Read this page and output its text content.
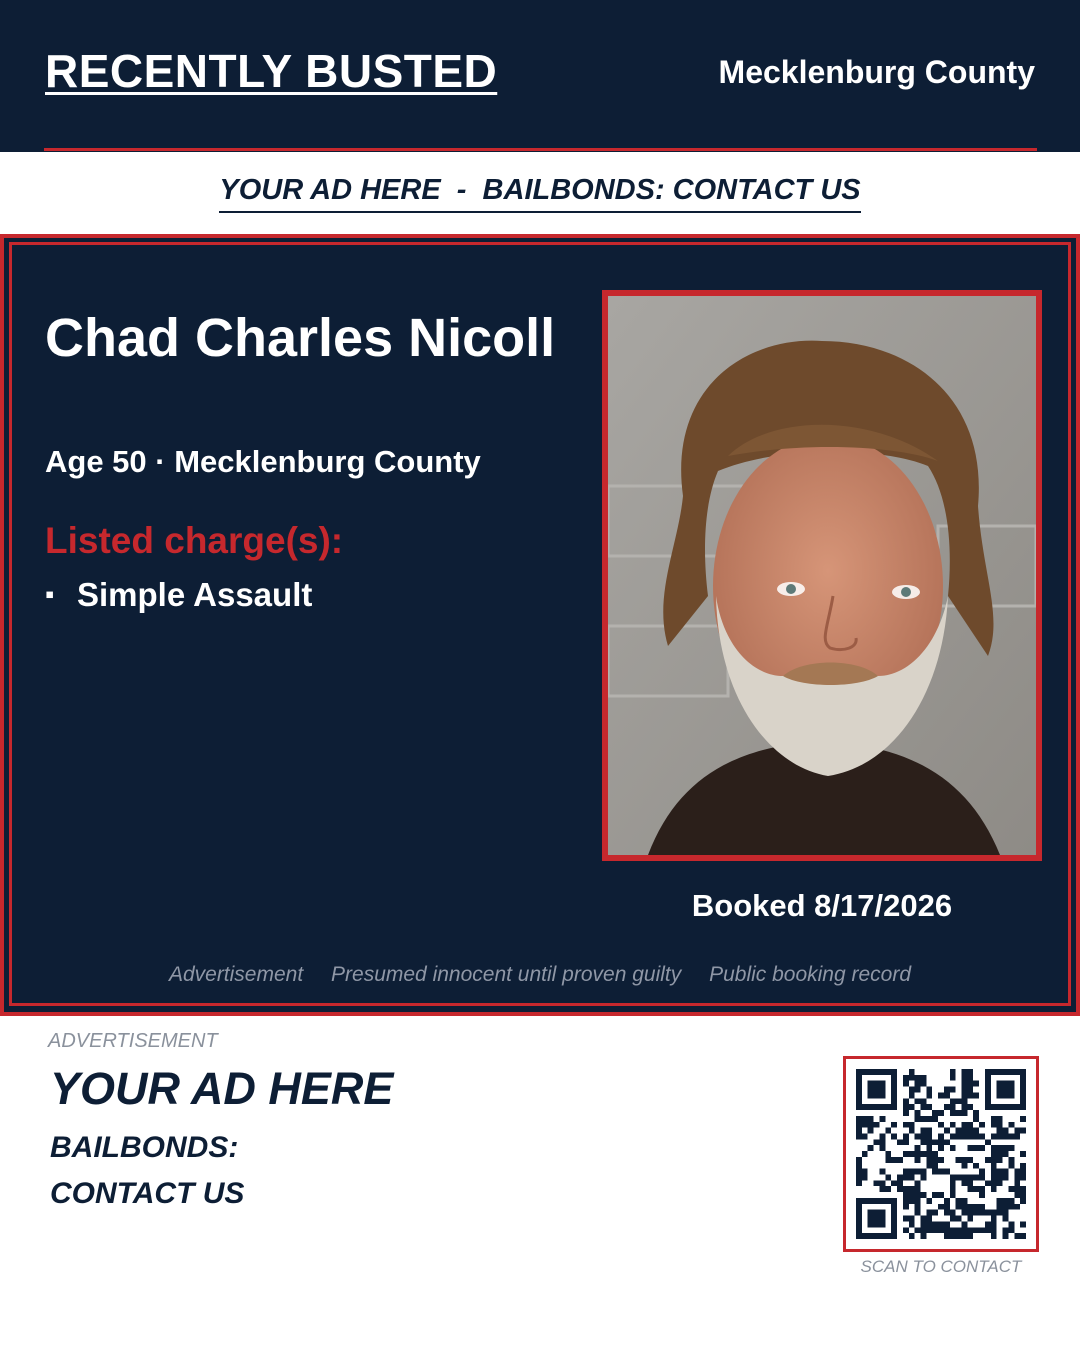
RECENTLY BUSTED	Mecklenburg County
YOUR AD HERE  -  BAILBONDS: CONTACT US
Chad Charles Nicoll
Age 50 · Mecklenburg County
Listed charge(s):
▪ Simple Assault
Booked 8/17/2026
Advertisement Presumed innocent until proven guilty Public booking record
ADVERTISEMENT
YOUR AD HERE
BAILBONDS:
CONTACT US
SCAN TO CONTACT
